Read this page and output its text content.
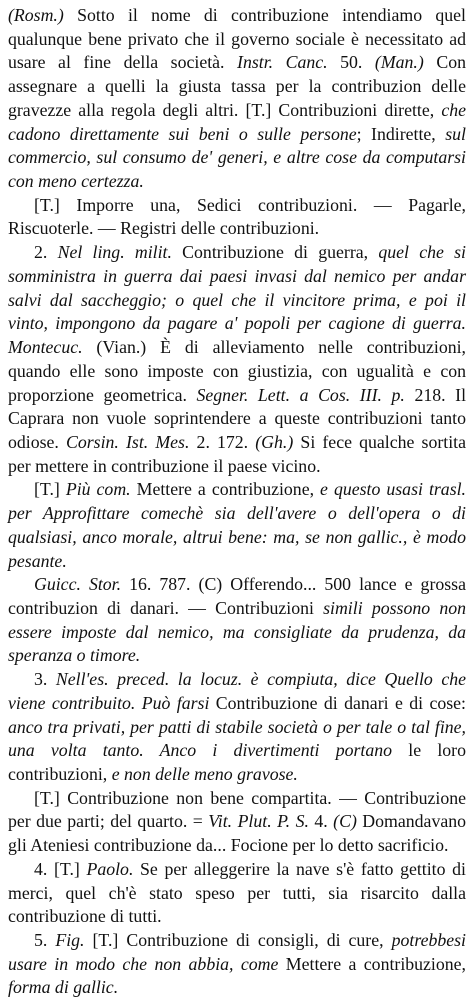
(Rosm.) Sotto il nome di contribuzione intendiamo quel qualunque bene privato che il governo sociale è necessitato ad usare al fine della società. Instr. Canc. 50. (Man.) Con assegnare a quelli la giusta tassa per la contribuzion delle gravezze alla regola degli altri. [T.] Contribuzioni dirette, che cadono direttamente sui beni o sulle persone; Indirette, sul commercio, sul consumo de' generi, e altre cose da computarsi con meno certezza.

[T.] Imporre una, Sedici contribuzioni. — Pagarle, Riscuoterle. — Registri delle contribuzioni.

2. Nel ling. milit. Contribuzione di guerra, quel che si somministra in guerra dai paesi invasi dal nemico per andar salvi dal saccheggio; o quel che il vincitore prima, e poi il vinto, impongono da pagare a' popoli per cagione di guerra. Montecuc. (Vian.) È di alleviamento nelle contribuzioni, quando elle sono imposte con giustizia, con ugualità e con proporzione geometrica. Segner. Lett. a Cos. III. p. 218. Il Caprara non vuole soprintendere a queste contribuzioni tanto odiose. Corsin. Ist. Mes. 2. 172. (Gh.) Si fece qualche sortita per mettere in contribuzione il paese vicino.

[T.] Più com. Mettere a contribuzione, e questo usasi trasl. per Approfittare comechè sia dell'avere o dell'opera o di qualsiasi, anco morale, altrui bene: ma, se non gallic., è modo pesante.

Guicc. Stor. 16. 787. (C) Offerendo... 500 lance e grossa contribuzion di danari. — Contribuzioni simili possono non essere imposte dal nemico, ma consigliate da prudenza, da speranza o timore.

3. Nell'es. preced. la locuz. è compiuta, dice Quello che viene contribuito. Può farsi Contribuzione di danari e di cose: anco tra privati, per patti di stabile società o per tale o tal fine, una volta tanto. Anco i divertimenti portano le loro contribuzioni, e non delle meno gravose.

[T.] Contribuzione non bene compartita. — Contribuzione per due parti; del quarto. = Vit. Plut. P. S. 4. (C) Domandavano gli Ateniesi contribuzione da... Focione per lo detto sacrificio.

4. [T.] Paolo. Se per alleggerire la nave s'è fatto gettito di merci, quel ch'è stato speso per tutti, sia risarcito dalla contribuzione di tutti.

5. Fig. [T.] Contribuzione di consigli, di cure, potrebbesi usare in modo che non abbia, come Mettere a contribuzione, forma di gallic.
